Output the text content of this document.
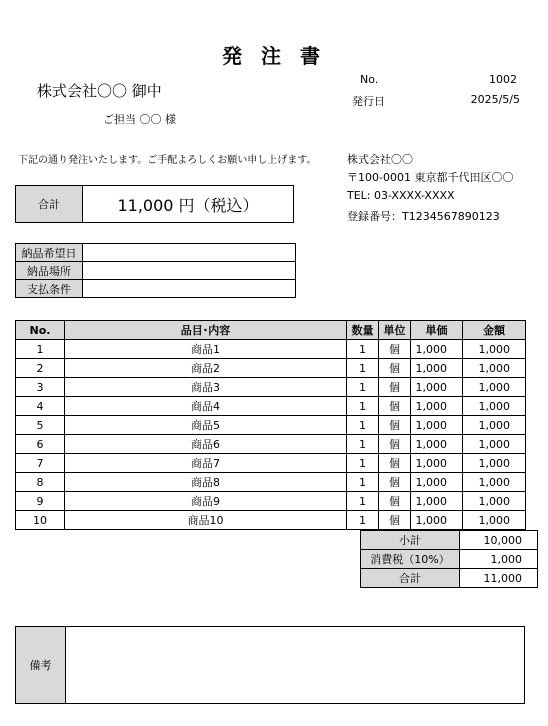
発 注 書
株式会社〇〇 御中
ご担当 〇〇 様
No.	1002
発行日	2025/5/5
下記の通り発注いたします。ご手配よろしくお願い申し上げます。	株式会社〇〇
〒100-0001 東京都千代田区〇〇
TEL: 03-XXXX-XXXX
登録番号：T1234567890123
合計	11,000 円（税込）
納品希望日	
納品場所	
支払条件	
No.	品目･内容	数量	単位	単価	金額
1	商品1	1	個	1,000	1,000
2	商品2	1	個	1,000	1,000
3	商品3	1	個	1,000	1,000
4	商品4	1	個	1,000	1,000
5	商品5	1	個	1,000	1,000
6	商品6	1	個	1,000	1,000
7	商品7	1	個	1,000	1,000
8	商品8	1	個	1,000	1,000
9	商品9	1	個	1,000	1,000
10	商品10	1	個	1,000	1,000
小計	10,000
消費税（10%）	1,000
合計	11,000
備考
